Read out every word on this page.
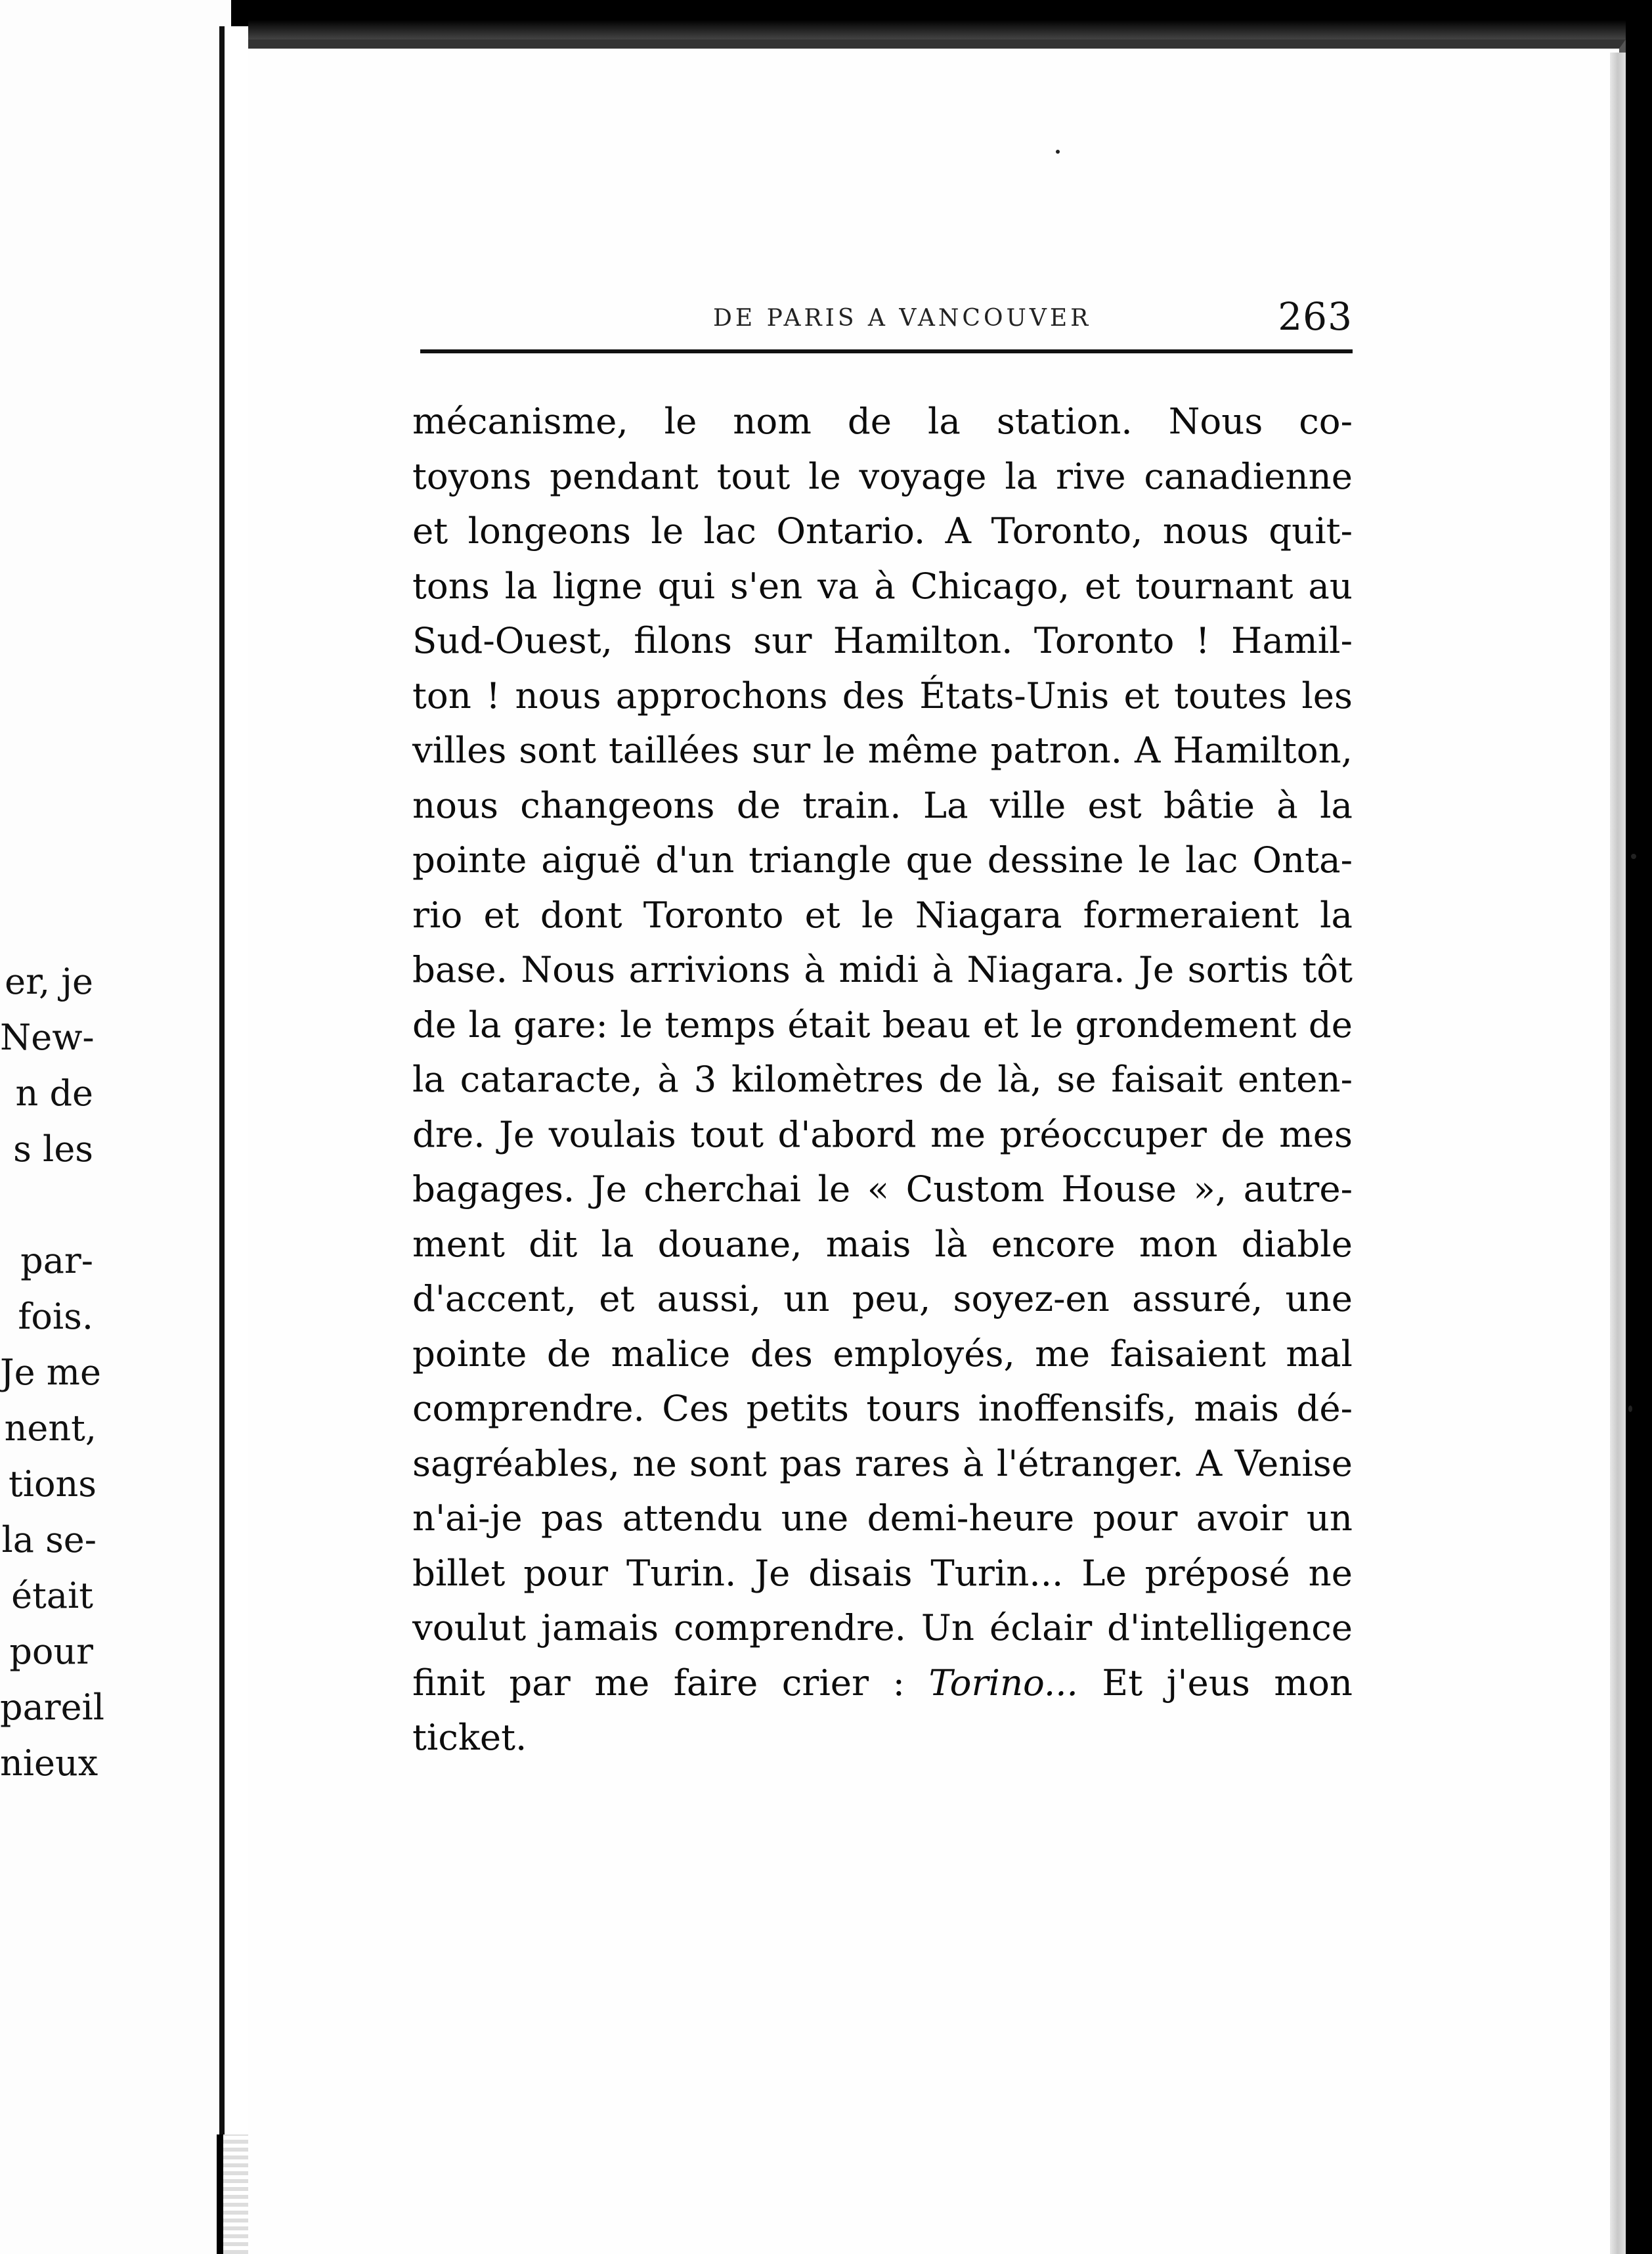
er, je
New-
n de
s les
par-
fois.
Je me
nent,
tions
la se-
était
pour
pareil
nieux
DE PARIS A VANCOUVER	263
mécanisme, le nom de la station. Nous co-
toyons pendant tout le voyage la rive canadienne
et longeons le lac Ontario. A Toronto, nous quit-
tons la ligne qui s'en va à Chicago, et tournant au
Sud-Ouest, filons sur Hamilton. Toronto ! Hamil-
ton ! nous approchons des États-Unis et toutes les
villes sont taillées sur le même patron. A Hamilton,
nous changeons de train. La ville est bâtie à la
pointe aiguë d'un triangle que dessine le lac Onta-
rio et dont Toronto et le Niagara formeraient la
base. Nous arrivions à midi à Niagara. Je sortis tôt
de la gare: le temps était beau et le grondement de
la cataracte, à 3 kilomètres de là, se faisait enten-
dre. Je voulais tout d'abord me préoccuper de mes
bagages. Je cherchai le « Custom House », autre-
ment dit la douane, mais là encore mon diable
d'accent, et aussi, un peu, soyez-en assuré, une
pointe de malice des employés, me faisaient mal
comprendre. Ces petits tours inoffensifs, mais dé-
sagréables, ne sont pas rares à l'étranger. A Venise
n'ai-je pas attendu une demi-heure pour avoir un
billet pour Turin. Je disais Turin... Le préposé ne
voulut jamais comprendre. Un éclair d'intelligence
finit par me faire crier : Torino... Et j'eus mon
ticket.
